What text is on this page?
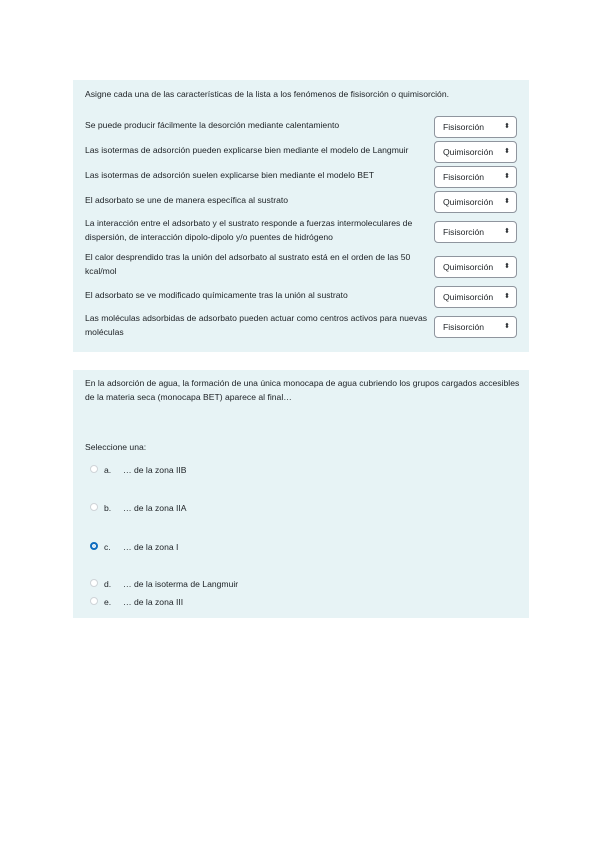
Asigne cada una de las características de la lista a los fenómenos de fisisorción o quimisorción.
Se puede producir fácilmente la desorción mediante calentamiento	Fisisorción	⬍
Las isotermas de adsorción pueden explicarse bien mediante el modelo de Langmuir	Quimisorción ⬍
Las isotermas de adsorción suelen explicarse bien mediante el modelo BET	Fisisorción	⬍
El adsorbato se une de manera específica al sustrato	Quimisorción ⬍
La interacción entre el adsorbato y el sustrato responde a fuerzas intermoleculares de dispersión, de interacción dipolo-dipolo y/o puentes de hidrógeno	Fisisorción	⬍
El calor desprendido tras la unión del adsorbato al sustrato está en el orden de las 50 kcal/mol	Quimisorción ⬍
El adsorbato se ve modificado químicamente tras la unión al sustrato	Quimisorción ⬍
Las moléculas adsorbidas de adsorbato pueden actuar como centros activos para nuevas moléculas	Fisisorción	⬍
En la adsorción de agua, la formación de una única monocapa de agua cubriendo los grupos cargados accesibles de la materia seca (monocapa BET) aparece al final…
Seleccione una:
a. … de la zona IIB
b. … de la zona IIA
c. … de la zona I
d. … de la isoterma de Langmuir
e. … de la zona III
